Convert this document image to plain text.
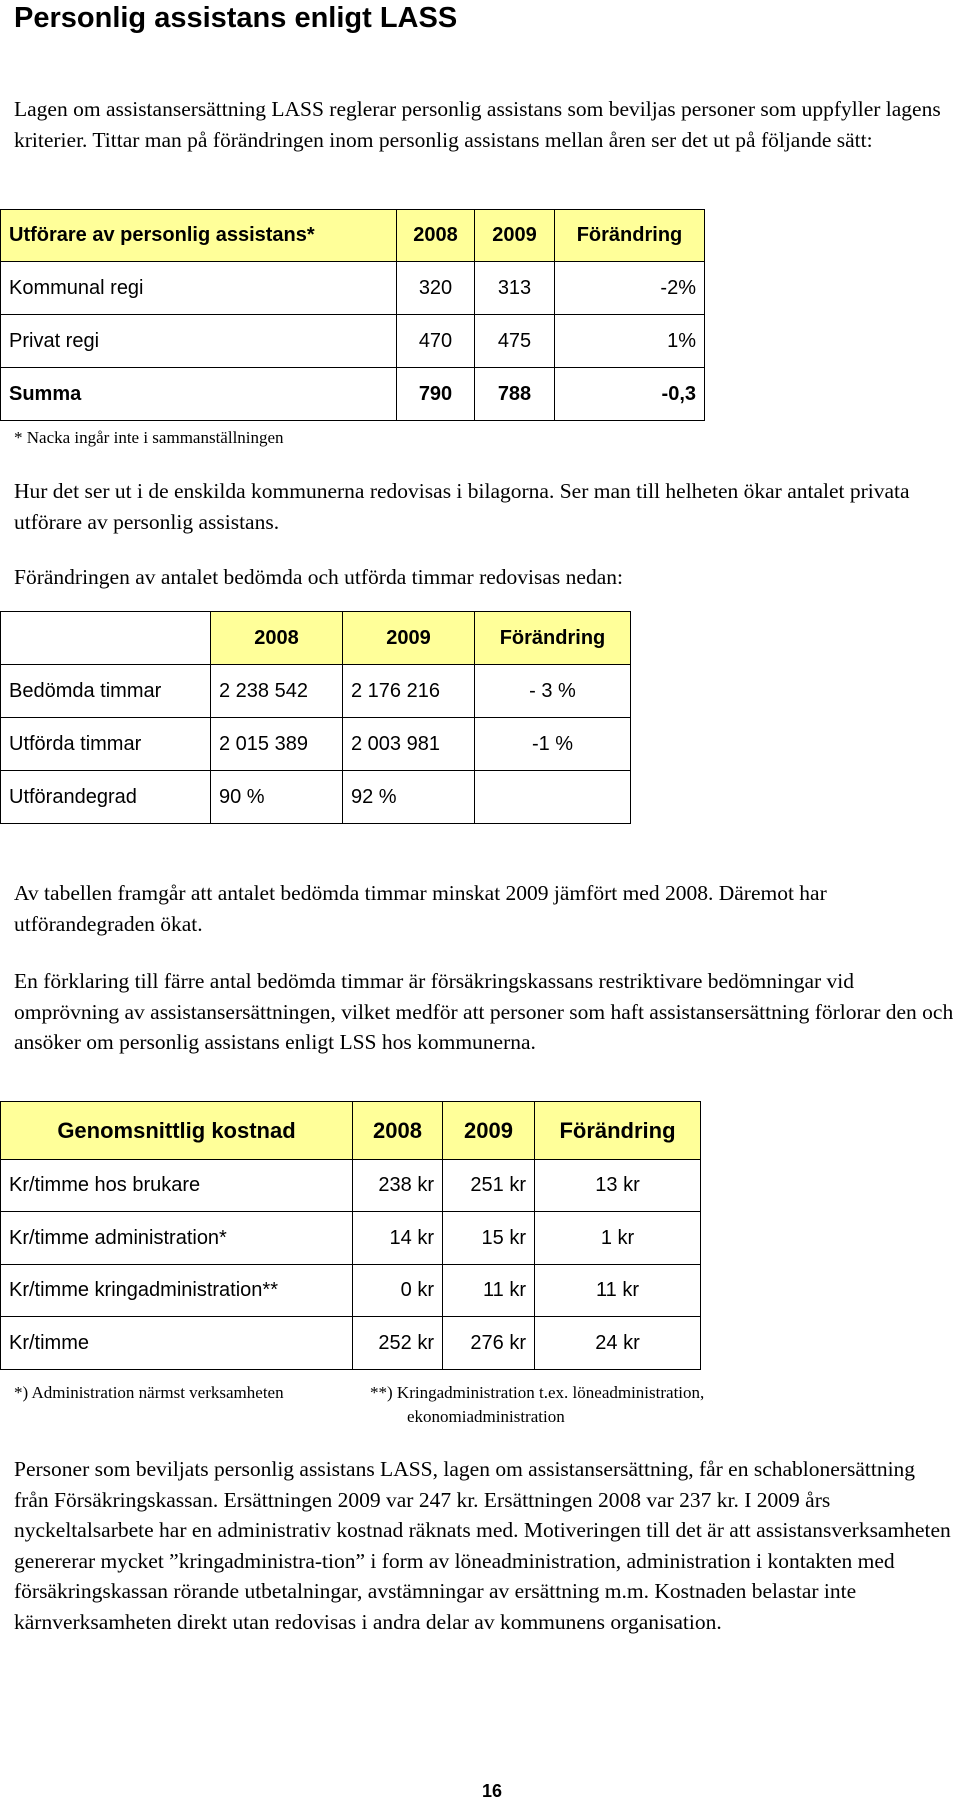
Personlig assistans enligt LASS

Lagen om assistansersättning LASS reglerar personlig assistans som beviljas personer som uppfyller lagens kriterier. Tittar man på förändringen inom personlig assistans mellan åren ser det ut på följande sätt:

Utförare av personlig assistans*	2008	2009	Förändring
Kommunal regi	320	313	-2%
Privat regi	470	475	1%
Summa	790	788	-0,3
* Nacka ingår inte i sammanställningen

Hur det ser ut i de enskilda kommunerna redovisas i bilagorna. Ser man till helheten ökar antalet privata utförare av personlig assistans.

Förändringen av antalet bedömda och utförda timmar redovisas nedan:

	2008	2009	Förändring
Bedömda timmar	2 238 542	2 176 216	- 3 %
Utförda timmar	2 015 389	2 003 981	-1 %
Utförandegrad	90 %	92 %	

Av tabellen framgår att antalet bedömda timmar minskat 2009 jämfört med 2008. Däremot har utförandegraden ökat.

En förklaring till färre antal bedömda timmar är försäkringskassans restriktivare bedömningar vid omprövning av assistansersättningen, vilket medför att personer som haft assistansersättning förlorar den och ansöker om personlig assistans enligt LSS hos kommunerna.

Genomsnittlig kostnad	2008	2009	Förändring
Kr/timme hos brukare	238 kr	251 kr	13 kr
Kr/timme administration*	14 kr	15 kr	1 kr
Kr/timme kringadministration**	0 kr	11 kr	11 kr
Kr/timme	252 kr	276 kr	24 kr
*) Administration närmst verksamheten	**) Kringadministration t.ex. löneadministration,
ekonomiadministration

Personer som beviljats personlig assistans LASS, lagen om assistansersättning, får en schablonersättning från Försäkringskassan. Ersättningen 2009 var 247 kr. Ersättningen 2008 var 237 kr. I 2009 års nyckeltalsarbete har en administrativ kostnad räknats med. Motiveringen till det är att assistansverksamheten genererar mycket ”kringadministra-tion” i form av löneadministration, administration i kontakten med försäkringskassan rörande utbetalningar, avstämningar av ersättning m.m. Kostnaden belastar inte kärnverksamheten direkt utan redovisas i andra delar av kommunens organisation.

16
